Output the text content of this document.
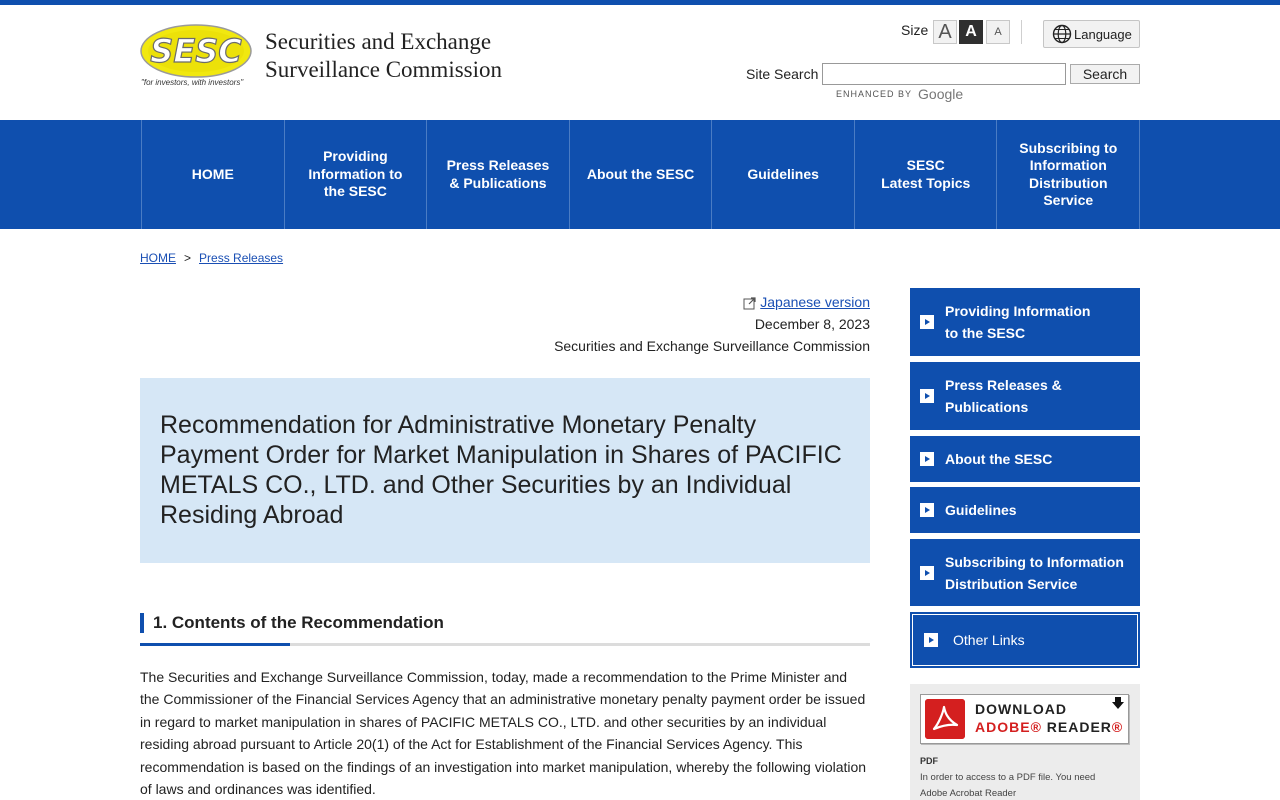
SESC
"for investors, with investors"
Securities and Exchange
Surveillance Commission
Size A A	A	Language
Site Search	Search
ENHANCED BY Google
HOME
Providing
Information to
the SESC
Press Releases
& Publications
About the SESC	Guidelines
SESC
Latest Topics
Subscribing to
Information
Distribution
Service
HOME > Press Releases
Japanese version
December 8, 2023
Securities and Exchange Surveillance Commission
Recommendation for Administrative Monetary Penalty Payment Order for Market Manipulation in Shares of PACIFIC METALS CO., LTD. and Other Securities by an Individual Residing Abroad
1. Contents of the Recommendation
The Securities and Exchange Surveillance Commission, today, made a recommendation to the Prime Minister and the Commissioner of the Financial Services Agency that an administrative monetary penalty payment order be issued in regard to market manipulation in shares of PACIFIC METALS CO., LTD. and other securities by an individual residing abroad pursuant to Article 20(1) of the Act for Establishment of the Financial Services Agency. This recommendation is based on the findings of an investigation into market manipulation, whereby the following violation of laws and ordinances was identified.
Providing Information
to the SESC
Press Releases &
Publications
About the SESC
Guidelines
Subscribing to Information
Distribution Service
Other Links
DOWNLOAD
ADOBE® READER®
PDF
In order to access to a PDF file. You need Adobe Acrobat Reader
